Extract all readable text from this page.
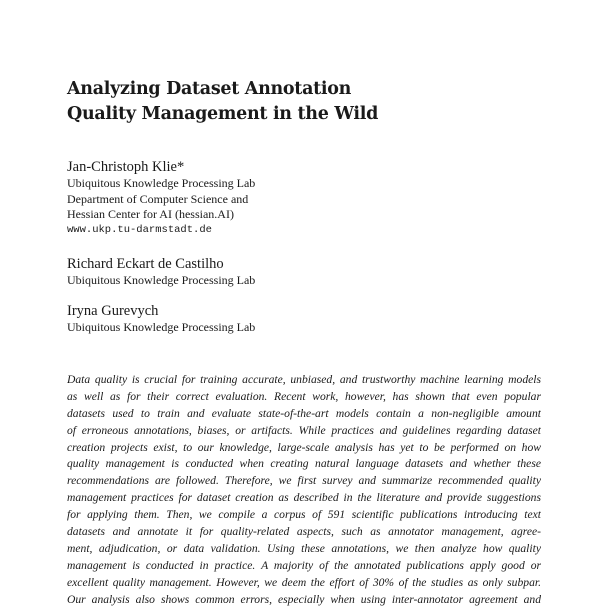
Analyzing Dataset Annotation
Quality Management in the Wild
Jan-Christoph Klie*
Ubiquitous Knowledge Processing Lab
Department of Computer Science and
Hessian Center for AI (hessian.AI)
www.ukp.tu-darmstadt.de
Richard Eckart de Castilho
Ubiquitous Knowledge Processing Lab
Iryna Gurevych
Ubiquitous Knowledge Processing Lab
Data quality is crucial for training accurate, unbiased, and trustworthy machine learning models
as well as for their correct evaluation. Recent work, however, has shown that even popular
datasets used to train and evaluate state-of-the-art models contain a non-negligible amount
of erroneous annotations, biases, or artifacts. While practices and guidelines regarding dataset
creation projects exist, to our knowledge, large-scale analysis has yet to be performed on how
quality management is conducted when creating natural language datasets and whether these
recommendations are followed. Therefore, we first survey and summarize recommended quality
management practices for dataset creation as described in the literature and provide suggestions
for applying them. Then, we compile a corpus of 591 scientific publications introducing text
datasets and annotate it for quality-related aspects, such as annotator management, agree-
ment, adjudication, or data validation. Using these annotations, we then analyze how quality
management is conducted in practice. A majority of the annotated publications apply good or
excellent quality management. However, we deem the effort of 30% of the studies as only subpar.
Our analysis also shows common errors, especially when using inter-annotator agreement and
